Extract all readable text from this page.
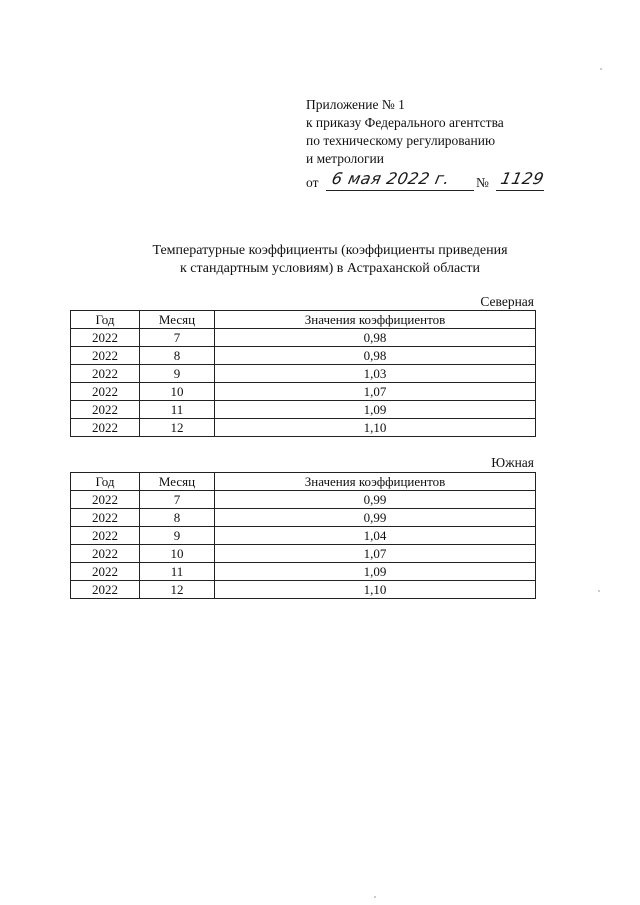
Приложение № 1
к приказу Федерального агентства
по техническому регулированию
и метрологии
от 6 мая 2022 г. № 1129
Температурные коэффициенты (коэффициенты приведения
к стандартным условиям) в Астраханской области
Северная
Год	Месяц	Значения коэффициентов
2022	7	0,98
2022	8	0,98
2022	9	1,03
2022	10	1,07
2022	11	1,09
2022	12	1,10
Южная
Год	Месяц	Значения коэффициентов
2022	7	0,99
2022	8	0,99
2022	9	1,04
2022	10	1,07
2022	11	1,09
2022	12	1,10
